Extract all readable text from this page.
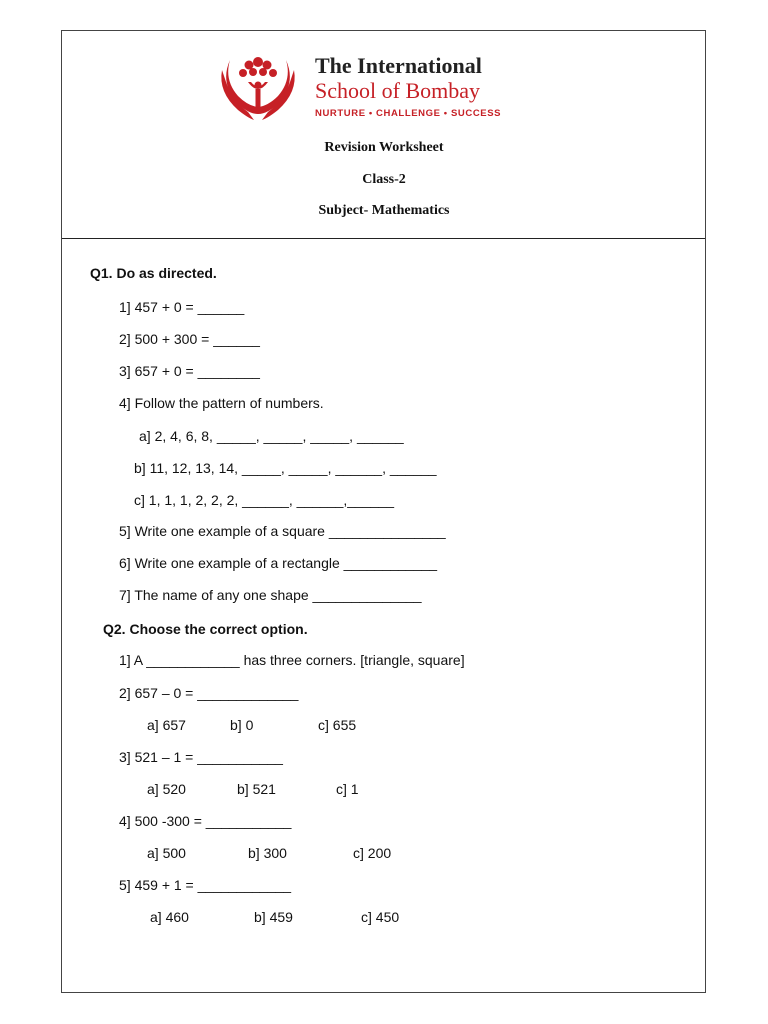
The International
School of Bombay
NURTURE • CHALLENGE • SUCCESS
Revision Worksheet
Class-2
Subject- Mathematics
Q1. Do as directed.
1] 457 + 0 = ______
2] 500 + 300 = ______
3] 657 + 0 = ________
4] Follow the pattern of numbers.
a] 2, 4, 6, 8, _____, _____, _____, ______
b] 11, 12, 13, 14, _____, _____, ______, ______
c] 1, 1, 1, 2, 2, 2, ______, ______,______
5] Write one example of a square _______________
6] Write one example of a rectangle ____________
7] The name of any one shape ______________
Q2. Choose the correct option.
1] A ____________ has three corners. [triangle, square]
2] 657 – 0 = _____________
a] 657	b] 0	c] 655
3] 521 – 1 = ___________
a] 520	b] 521	c] 1
4] 500 -300 = ___________
a] 500	b] 300	c] 200
5] 459 + 1 = ____________
a] 460	b] 459	c] 450
